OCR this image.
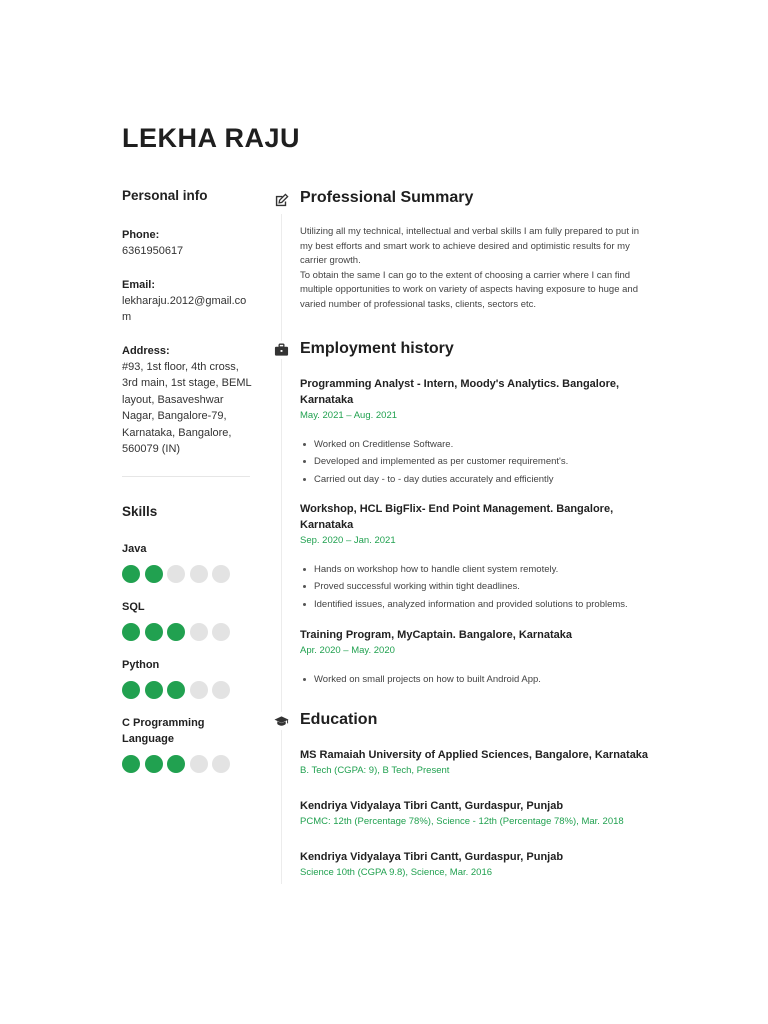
LEKHA RAJU
Personal info
Phone:
6361950617
Email:
lekharaju.2012@gmail.com
Address:
#93, 1st floor, 4th cross, 3rd main, 1st stage, BEML layout, Basaveshwar Nagar, Bangalore-79, Karnataka, Bangalore, 560079 (IN)
Skills
Java
SQL
Python
C Programming Language
Professional Summary

Utilizing all my technical, intellectual and verbal skills I am fully prepared to put in my best efforts and smart work to achieve desired and optimistic results for my carrier growth.

To obtain the same I can go to the extent of choosing a carrier where I can find multiple opportunities to work on variety of aspects having exposure to huge and varied number of professional tasks, clients, sectors etc.

Employment history
Programming Analyst - Intern, Moody's Analytics. Bangalore, Karnataka
May. 2021 – Aug. 2021
Worked on Creditlense Software.
Developed and implemented as per customer requirement's.
Carried out day - to - day duties accurately and efficiently
Workshop, HCL BigFlix- End Point Management. Bangalore, Karnataka
Sep. 2020 – Jan. 2021
Hands on workshop how to handle client system remotely.
Proved successful working within tight deadlines.
Identified issues, analyzed information and provided solutions to problems.
Training Program, MyCaptain. Bangalore, Karnataka
Apr. 2020 – May. 2020
Worked on small projects on how to built Android App.
Education
MS Ramaiah University of Applied Sciences, Bangalore, Karnataka
B. Tech (CGPA: 9), B Tech, Present
Kendriya Vidyalaya Tibri Cantt, Gurdaspur, Punjab
PCMC: 12th (Percentage 78%), Science - 12th (Percentage 78%), Mar. 2018
Kendriya Vidyalaya Tibri Cantt, Gurdaspur, Punjab
Science 10th (CGPA 9.8), Science, Mar. 2016
